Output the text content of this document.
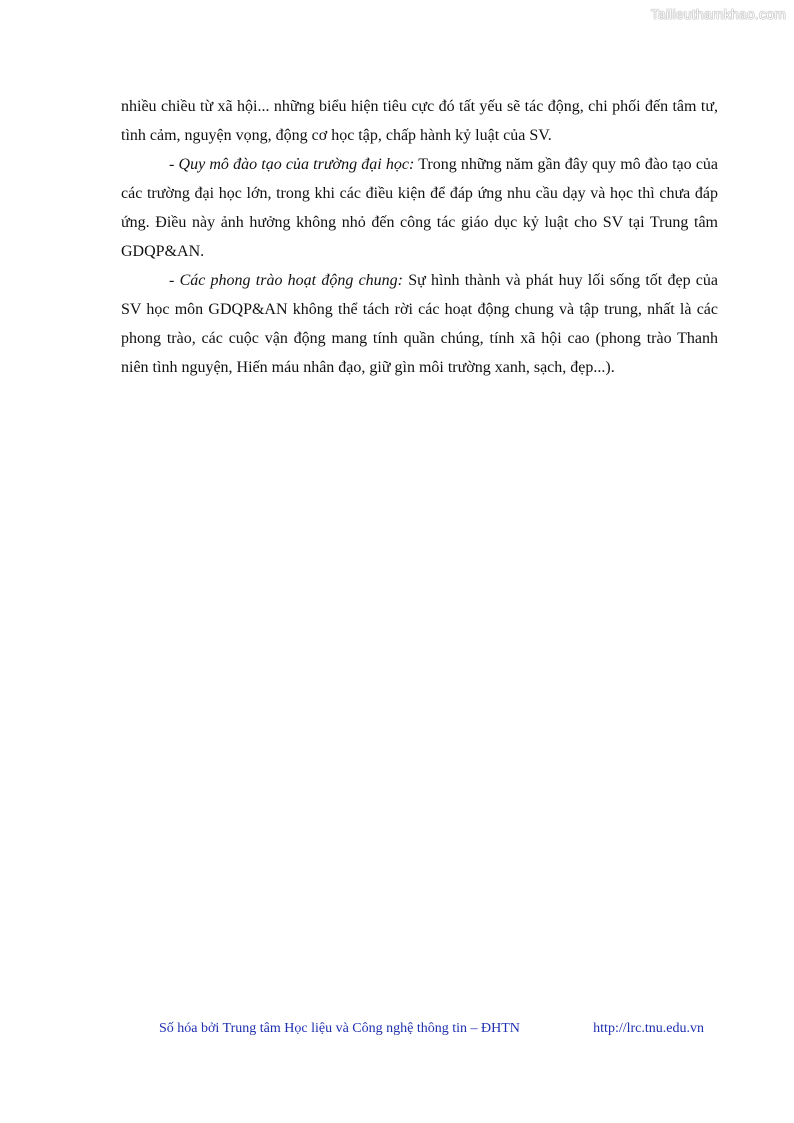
Tailieuthamkhao.com

nhiều chiều từ xã hội... những biểu hiện tiêu cực đó tất yếu sẽ tác động, chi phối đến tâm tư, tình cảm, nguyện vọng, động cơ học tập, chấp hành kỷ luật của SV.

- Quy mô đào tạo của trường đại học: Trong những năm gần đây quy mô đào tạo của các trường đại học lớn, trong khi các điều kiện để đáp ứng nhu cầu dạy và học thì chưa đáp ứng. Điều này ảnh hưởng không nhỏ đến công tác giáo dục kỷ luật cho SV tại Trung tâm GDQP&AN.

- Các phong trào hoạt động chung: Sự hình thành và phát huy lối sống tốt đẹp của SV học môn GDQP&AN không thể tách rời các hoạt động chung và tập trung, nhất là các phong trào, các cuộc vận động mang tính quần chúng, tính xã hội cao (phong trào Thanh niên tình nguyện, Hiến máu nhân đạo, giữ gìn môi trường xanh, sạch, đẹp...).

Số hóa bởi Trung tâm Học liệu và Công nghệ thông tin – ĐHTN	http://lrc.tnu.edu.vn
